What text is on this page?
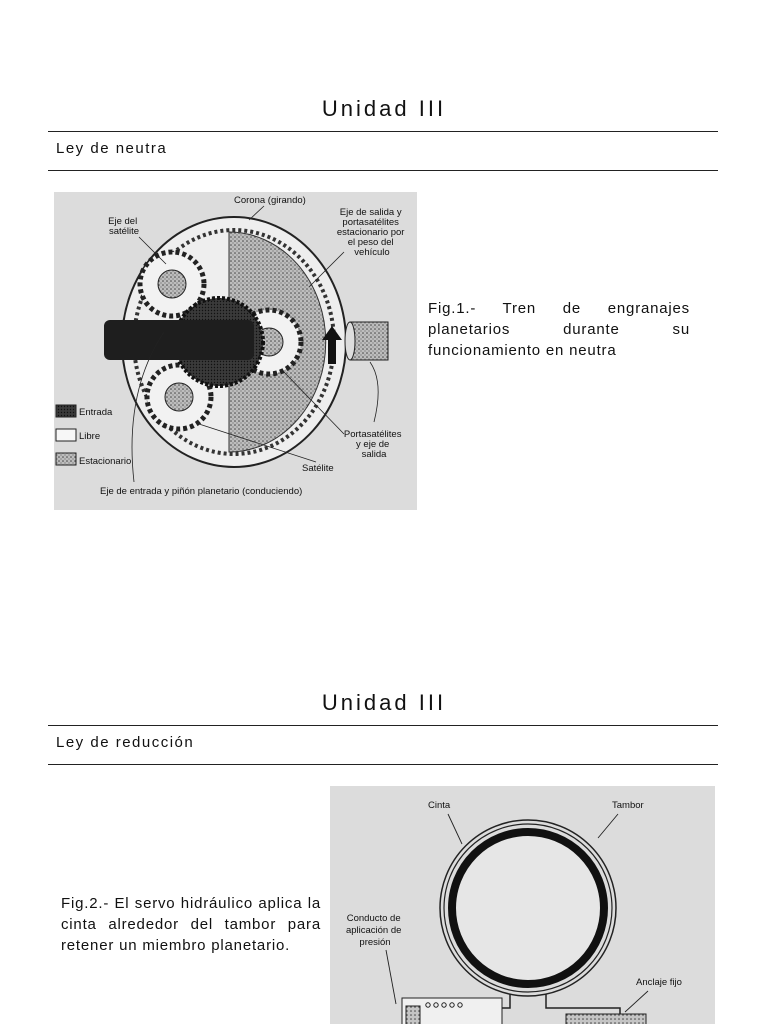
Unidad III
Ley de neutra
Corona (girando)
Eje de salida y portasatélites estacionario por el peso del vehículo
Eje del satélite
Portasatélites y eje de salida
Satélite
Eje de entrada y piñón planetario (conduciendo)
Entrada
Libre
Estacionario
Fig.1.- Tren de engranajes planetarios durante su funcionamiento en neutra
Unidad III
Ley de reducción
Fig.2.- El servo hidráulico aplica la cinta alrededor del tambor para retener un miembro planetario.
Cinta	Tambor
Conducto de aplicación de presión
Anclaje fijo
